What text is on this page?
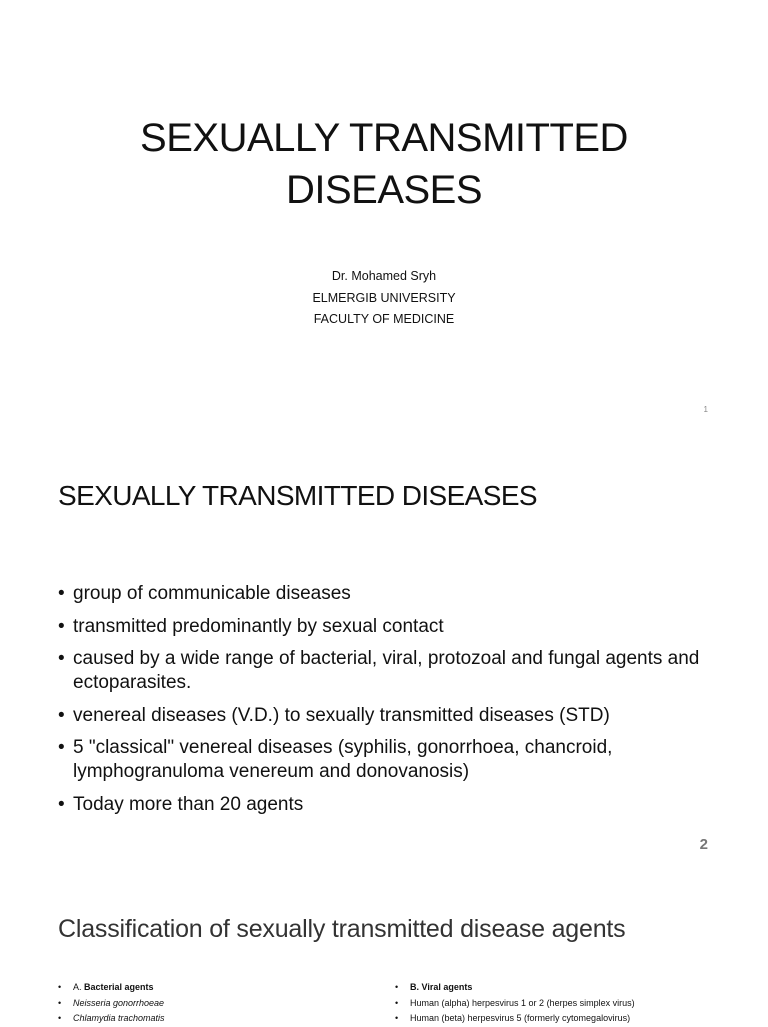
SEXUALLY TRANSMITTED
DISEASES
Dr. Mohamed Sryh
ELMERGIB UNIVERSITY
FACULTY OF MEDICINE
1
SEXUALLY TRANSMITTED DISEASES
• group of communicable diseases
• transmitted predominantly by sexual contact
• caused by a wide range of bacterial, viral, protozoal and fungal agents and ectoparasites.
• venereal diseases (V.D.) to sexually transmitted diseases (STD)
• 5 "classical" venereal diseases (syphilis, gonorrhoea, chancroid, lymphogranuloma venereum and donovanosis)
• Today more than 20 agents
2
Classification of sexually transmitted disease agents
• A. Bacterial agents
• Neisseria gonorrhoeae
• Chlamydia trachomatis
• B. Viral agents
• Human (alpha) herpesvirus 1 or 2 (herpes simplex virus)
• Human (beta) herpesvirus 5 (formerly cytomegalovirus)
